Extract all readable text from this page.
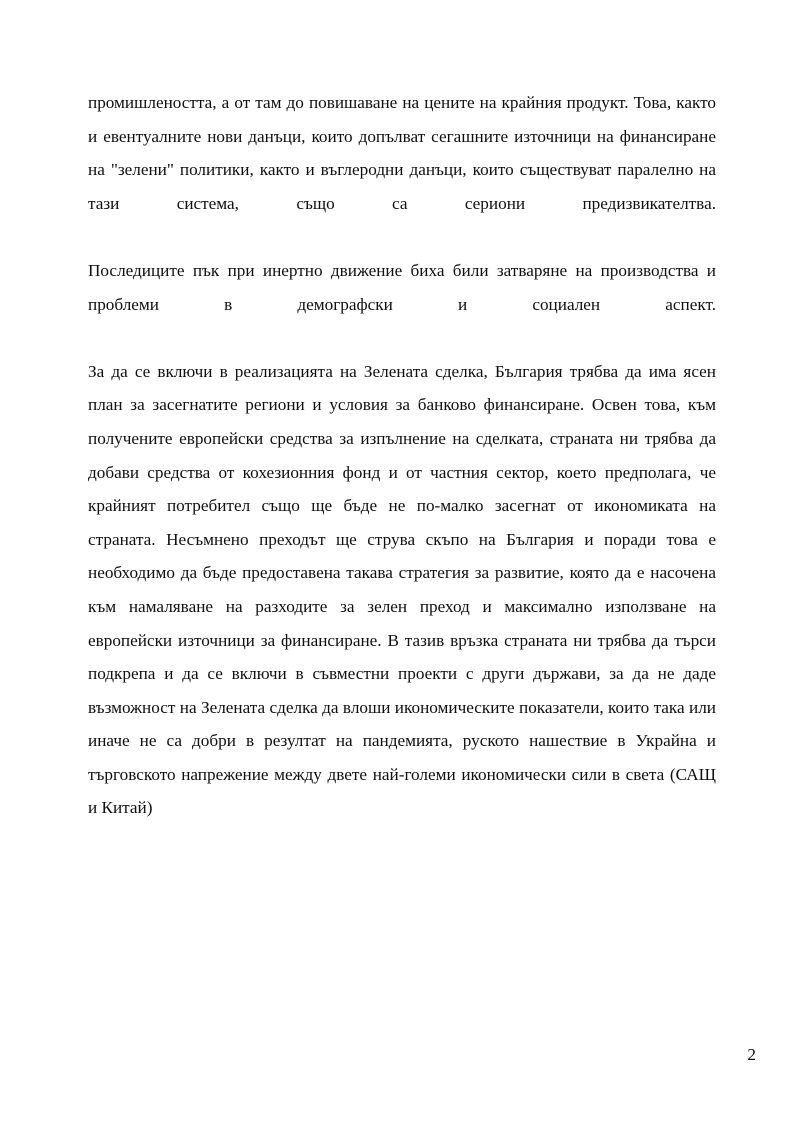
промишлеността, а от там до повишаване на цените на крайния продукт. Това, както и евентуалните нови данъци, които допълват сегашните източници на финансиране на "зелени" политики, както и въглеродни данъци, които съществуват паралелно на тази система, също са сериони предизвикателтва.

Последиците пък при инертно движение биха били затваряне на производства и проблеми в демографски и социален аспект.

За да се включи в реализацията на Зелената сделка, България трябва да има ясен план за засегнатите региони и условия за банково финансиране. Освен това, към получените европейски средства за изпълнение на сделката, страната ни трябва да добави средства от кохезионния фонд и от частния сектор, което предполага, че крайният потребител също ще бъде не по-малко засегнат от икономиката на страната. Несъмнено преходът ще струва скъпо на България и поради това е необходимо да бъде предоставена такава стратегия за развитие, която да е насочена към намаляване на разходите за зелен преход и максимално използване на европейски източници за финансиране. В тазив връзка страната ни трябва да търси подкрепа и да се включи в съвместни проекти с други държави, за да не даде възможност на Зелената сделка да влоши икономическите показатели, които така или иначе не са добри в резултат на пандемията, руското нашествие в Украйна и търговското напрежение между двете най-големи икономически сили в света (САЩ и Китай)

2
